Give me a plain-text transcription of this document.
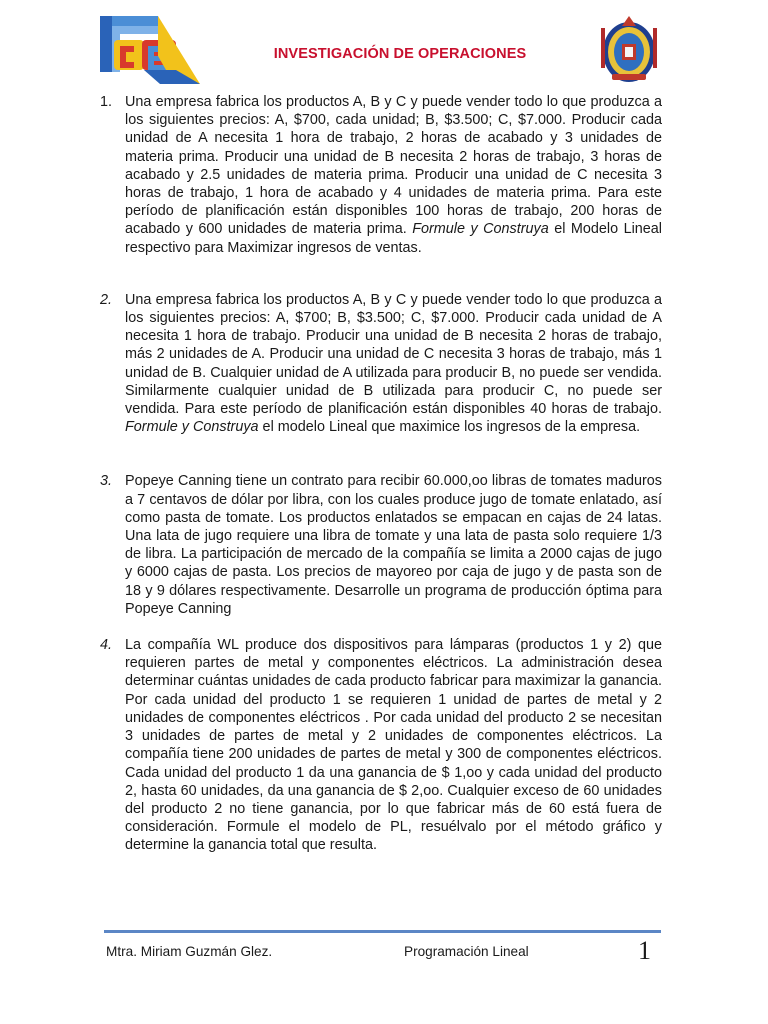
INVESTIGACIÓN DE OPERACIONES
1. Una empresa fabrica los productos A, B y C y puede vender todo lo que produzca a los siguientes precios: A, $700, cada unidad; B, $3.500; C, $7.000. Producir cada unidad de A necesita 1 hora de trabajo, 2 horas de acabado y 3 unidades de materia prima. Producir una unidad de B necesita 2 horas de trabajo, 3 horas de acabado y 2.5 unidades de materia prima. Producir una unidad de C necesita 3 horas de trabajo, 1 hora de acabado y 4 unidades de materia prima. Para este período de planificación están disponibles 100 horas de trabajo, 200 horas de acabado y 600 unidades de materia prima. Formule y Construya el Modelo Lineal respectivo para Maximizar ingresos de ventas.
2. Una empresa fabrica los productos A, B y C y puede vender todo lo que produzca a los siguientes precios: A, $700; B, $3.500; C, $7.000. Producir cada unidad de A necesita 1 hora de trabajo. Producir una unidad de B necesita 2 horas de trabajo, más 2 unidades de A. Producir una unidad de C necesita 3 horas de trabajo, más 1 unidad de B. Cualquier unidad de A utilizada para producir B, no puede ser vendida. Similarmente cualquier unidad de B utilizada para producir C, no puede ser vendida. Para este período de planificación están disponibles 40 horas de trabajo. Formule y Construya el modelo Lineal que maximice los ingresos de la empresa.
3. Popeye Canning tiene un contrato para recibir 60.000,oo libras de tomates maduros a 7 centavos de dólar por libra, con los cuales produce jugo de tomate enlatado, así como pasta de tomate. Los productos enlatados se empacan en cajas de 24 latas. Una lata de jugo requiere una libra de tomate y una lata de pasta solo requiere 1/3 de libra. La participación de mercado de la compañía se limita a 2000 cajas de jugo y 6000 cajas de pasta. Los precios de mayoreo por caja de jugo y de pasta son de 18 y 9 dólares respectivamente. Desarrolle un programa de producción óptima para Popeye Canning
4. La compañía WL produce dos dispositivos para lámparas (productos 1 y 2) que requieren partes de metal y componentes eléctricos. La administración desea determinar cuántas unidades de cada producto fabricar para maximizar la ganancia. Por cada unidad del producto 1 se requieren 1 unidad de partes de metal y 2 unidades de componentes eléctricos . Por cada unidad del producto 2 se necesitan 3 unidades de partes de metal y 2 unidades de componentes eléctricos. La compañía tiene 200 unidades de partes de metal y 300 de componentes eléctricos. Cada unidad del producto 1 da una ganancia de $ 1,oo y cada unidad del producto 2, hasta 60 unidades, da una ganancia de $ 2,oo. Cualquier exceso de 60 unidades del producto 2 no tiene ganancia, por lo que fabricar más de 60 está fuera de consideración. Formule el modelo de PL, resuélvalo por el método gráfico y determine la ganancia total que resulta.
Mtra. Miriam Guzmán Glez.	Programación Lineal	1
